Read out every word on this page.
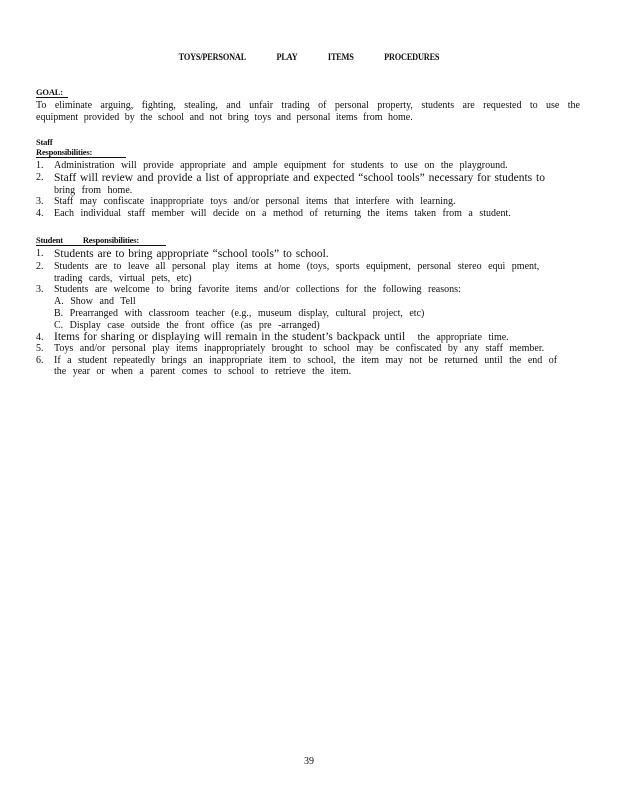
TOYS/PERSONAL	PLAY	ITEMS	PROCEDURES
GOAL:

To eliminate arguing, fighting, stealing, and unfair trading of personal property, students are requested to use the equipment provided by the school and not bring toys and personal items from home.

Staff Responsibilities:
1.	Administration will provide appropriate and ample equipment for students to use on the playground.
2. Staff will review and provide a list of appropriate and expected “school tools” necessary for students to
bring from home.
3.	Staff may confiscate inappropriate toys and/or personal items that interfere with learning.
4.	Each individual staff member will decide on a method of returning the items taken from a student.
Student Responsibilities:
1. Students are to bring appropriate “school tools” to school.
2.	Students are to leave all personal play items at home (toys, sports equipment, personal stereo equi pment,
trading cards, virtual pets, etc)
3.	Students are welcome to bring favorite items and/or collections for the following reasons:
A. Show and Tell
B. Prearranged with classroom teacher (e.g., museum display, cultural project, etc)
C. Display case outside the front office (as pre -arranged)
4. Items for sharing or displaying will remain in the student’s backpack until the appropriate time.
5.	Toys and/or personal play items inappropriately brought to school may be confiscated by any staff member.
6.	If a student repeatedly brings an inappropriate item to school, the item may not be returned until the end of
the year or when a parent comes to school to retrieve the item.
39
